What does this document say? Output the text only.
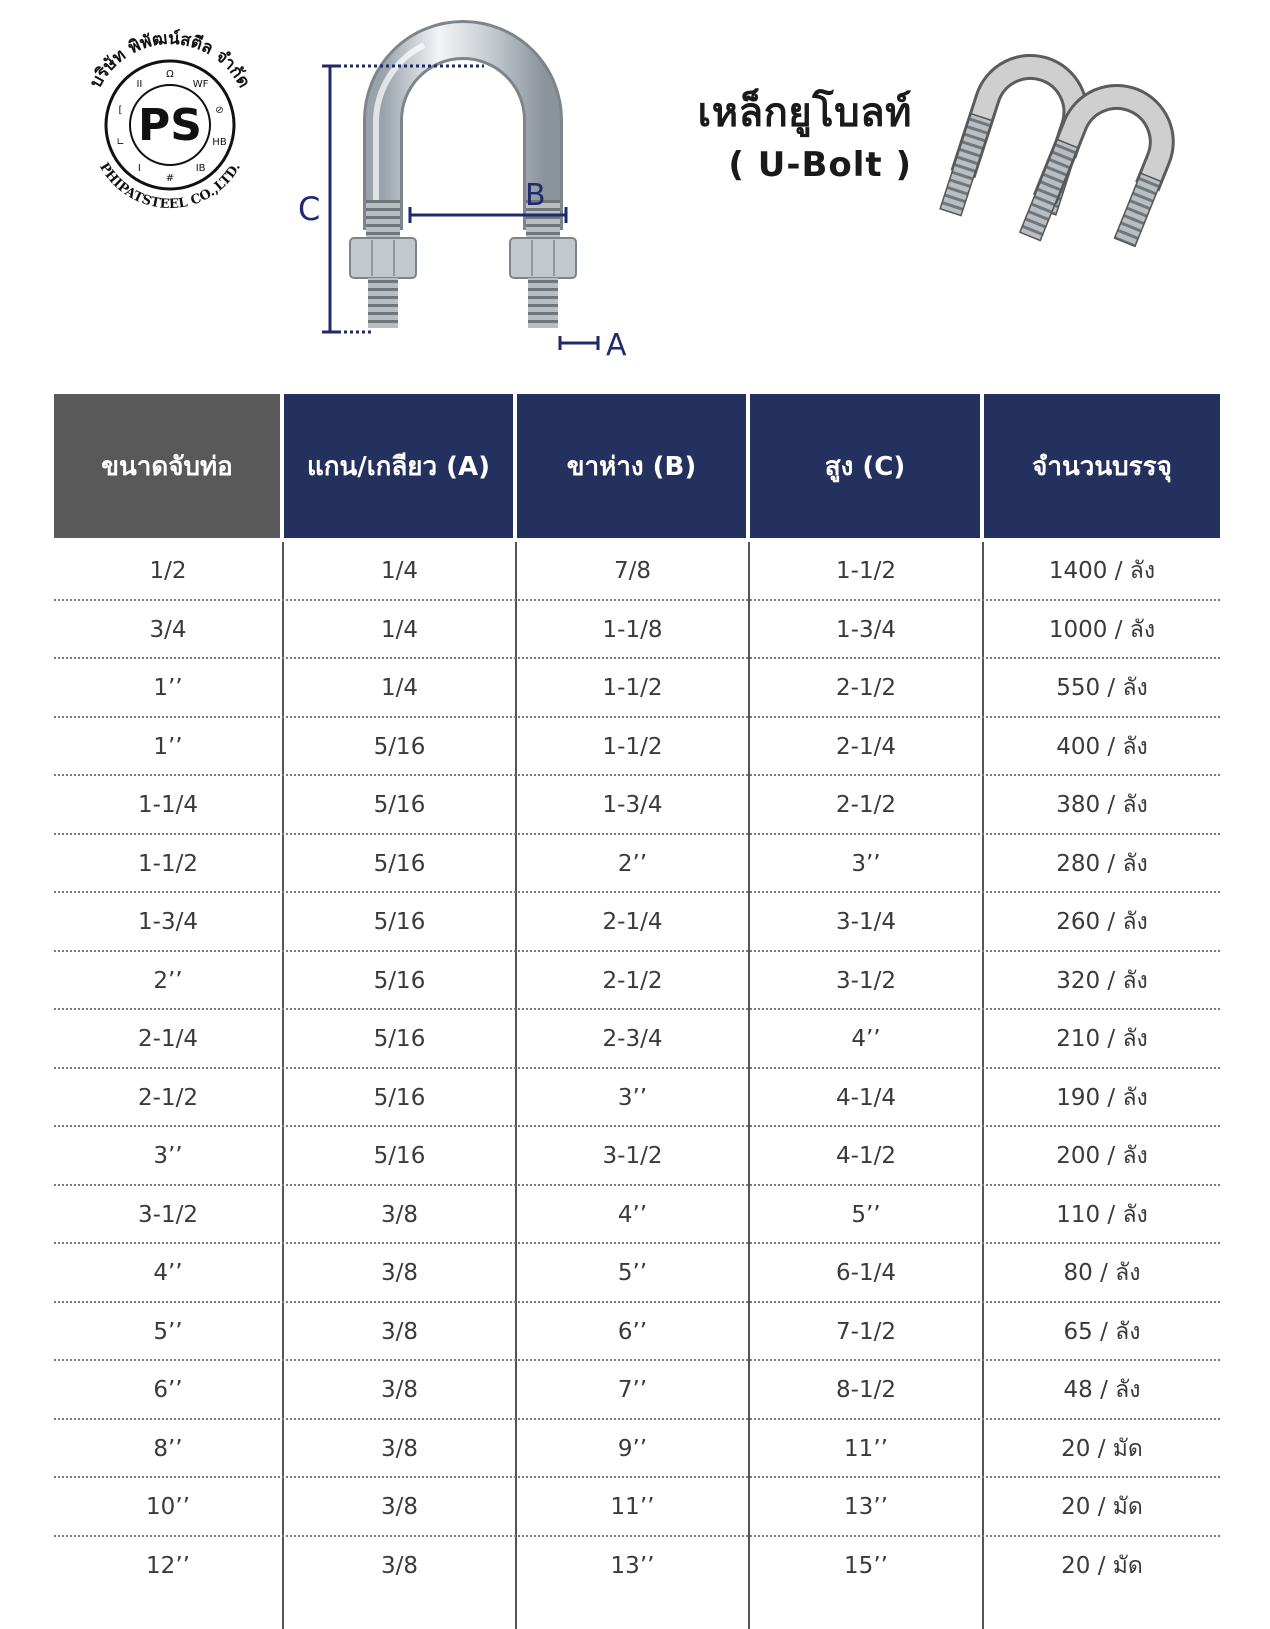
บริษัท พิพัฒน์สตีล จำกัด
PHIPATSTEEL CO.,LTD.
PS
Ω
WF
⊘
HB
IB
#
I
∟
[
II
C	B
A
เหล็กยูโบลท์
( U-Bolt )
ขนาดจับท่อ	แกน/เกลียว (A)	ขาห่าง (B)	สูง (C)	จำนวนบรรจุ
1/2	1/4	7/8	1-1/2	1400 / ลัง
3/4	1/4	1-1/8	1-3/4	1000 / ลัง
1’’	1/4	1-1/2	2-1/2	550 / ลัง
1’’	5/16	1-1/2	2-1/4	400 / ลัง
1-1/4	5/16	1-3/4	2-1/2	380 / ลัง
1-1/2	5/16	2’’	3’’	280 / ลัง
1-3/4	5/16	2-1/4	3-1/4	260 / ลัง
2’’	5/16	2-1/2	3-1/2	320 / ลัง
2-1/4	5/16	2-3/4	4’’	210 / ลัง
2-1/2	5/16	3’’	4-1/4	190 / ลัง
3’’	5/16	3-1/2	4-1/2	200 / ลัง
3-1/2	3/8	4’’	5’’	110 / ลัง
4’’	3/8	5’’	6-1/4	80 / ลัง
5’’	3/8	6’’	7-1/2	65 / ลัง
6’’	3/8	7’’	8-1/2	48 / ลัง
8’’	3/8	9’’	11’’	20 / มัด
10’’	3/8	11’’	13’’	20 / มัด
12’’	3/8	13’’	15’’	20 / มัด
